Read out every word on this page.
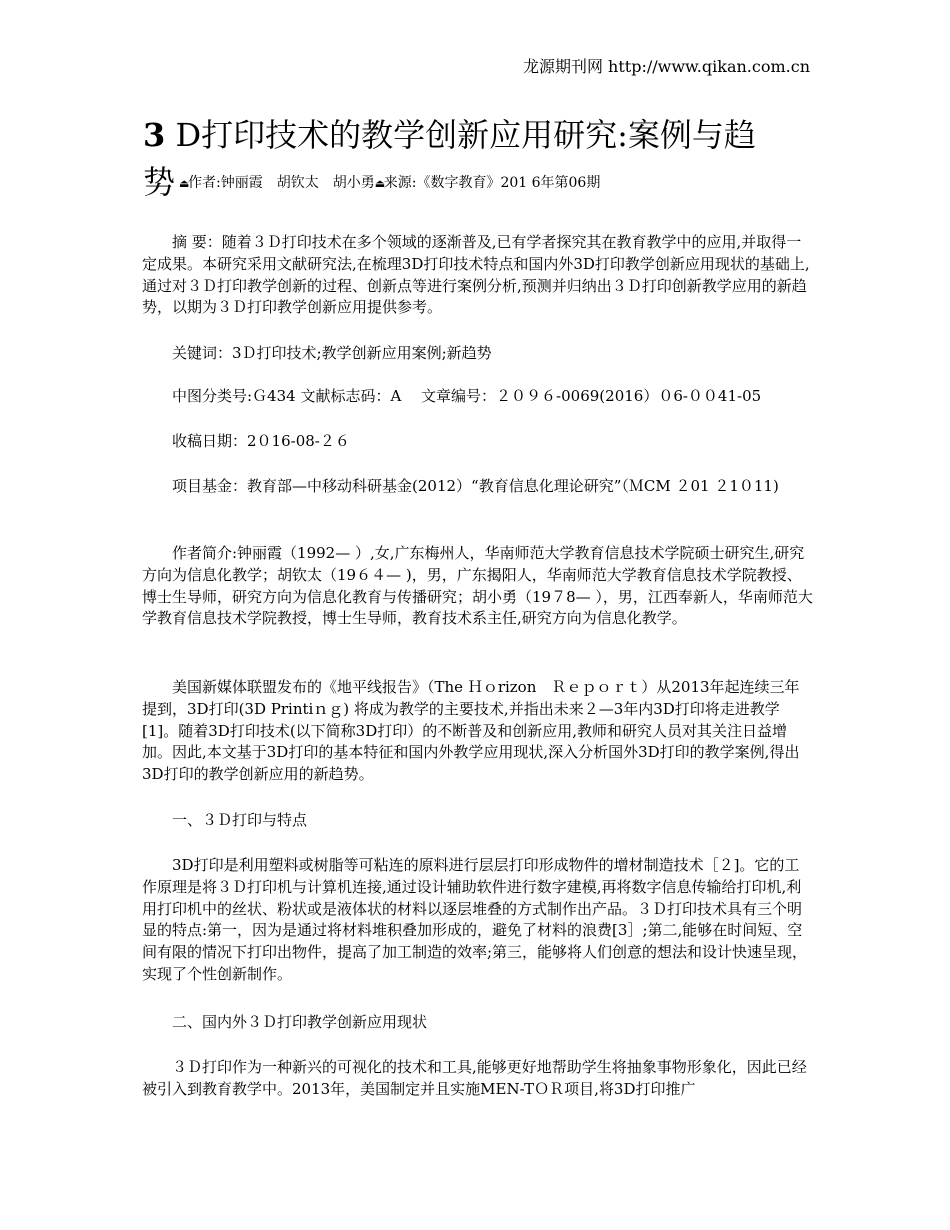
龙源期刊网 http://www.qikan.com.cn
3 D打印技术的教学创新应用研究:案例与趋
势 ⏏作者:钟丽霞　胡钦太　胡小勇⏏来源:《数字教育》201 6年第06期

摘 要：随着３Ｄ打印技术在多个领域的逐渐普及,已有学者探究其在教育教学中的应用,并取得一定成果。本研究采用文献研究法,在梳理3D打印技术特点和国内外3D打印教学创新应用现状的基础上,通过对３Ｄ打印教学创新的过程、创新点等进行案例分析,预测并归纳出３Ｄ打印创新教学应用的新趋势，以期为３Ｄ打印教学创新应用提供参考。

关键词：3Ｄ打印技术;教学创新应用案例;新趋势

中图分类号:Ｇ434 文献标志码：A　 文章编号：２０９６-0069(2016）０6-００41-05

收稿日期：2０16-08-２６

项目基金：教育部—中移动科研基金(2012）“教育信息化理论研究”（ＭCM ２01 ２1０11)

作者简介:钟丽霞（1992— ）,女,广东梅州人，华南师范大学教育信息技术学院硕士研究生,研究方向为信息化教学；胡钦太（19６４— )，男，广东揭阳人，华南师范大学教育信息技术学院教授、博士生导师，研究方向为信息化教育与传播研究；胡小勇（19７8— ），男，江西奉新人，华南师范大学教育信息技术学院教授，博士生导师，教育技术系主任,研究方向为信息化教学。

美国新媒体联盟发布的《地平线报告》（The Ｈｏrizon　Ｒｅｐｏｒｔ）从2013年起连续三年提到，3D打印(3D Printiｎｇ) 将成为教学的主要技术,并指出未来２—3年内3D打印将走进教学[1]。随着3D打印技术(以下简称3D打印）的不断普及和创新应用,教师和研究人员对其关注日益增加。因此,本文基于3D打印的基本特征和国内外教学应用现状,深入分析国外3D打印的教学案例,得出3D打印的教学创新应用的新趋势。

一、３Ｄ打印与特点

3D打印是利用塑料或树脂等可粘连的原料进行层层打印形成物件的增材制造技术［２]。它的工作原理是将３Ｄ打印机与计算机连接,通过设计辅助软件进行数字建模,再将数字信息传输给打印机,利用打印机中的丝状、粉状或是液体状的材料以逐层堆叠的方式制作出产品。３Ｄ打印技术具有三个明显的特点:第一，因为是通过将材料堆积叠加形成的，避免了材料的浪费[3］;第二,能够在时间短、空间有限的情况下打印出物件，提高了加工制造的效率;第三，能够将人们创意的想法和设计快速呈现，实现了个性创新制作。

二、国内外３Ｄ打印教学创新应用现状

３Ｄ打印作为一种新兴的可视化的技术和工具,能够更好地帮助学生将抽象事物形象化，因此已经被引入到教育教学中。2013年，美国制定并且实施MEN-TＯＲ项目,将3D打印推广
